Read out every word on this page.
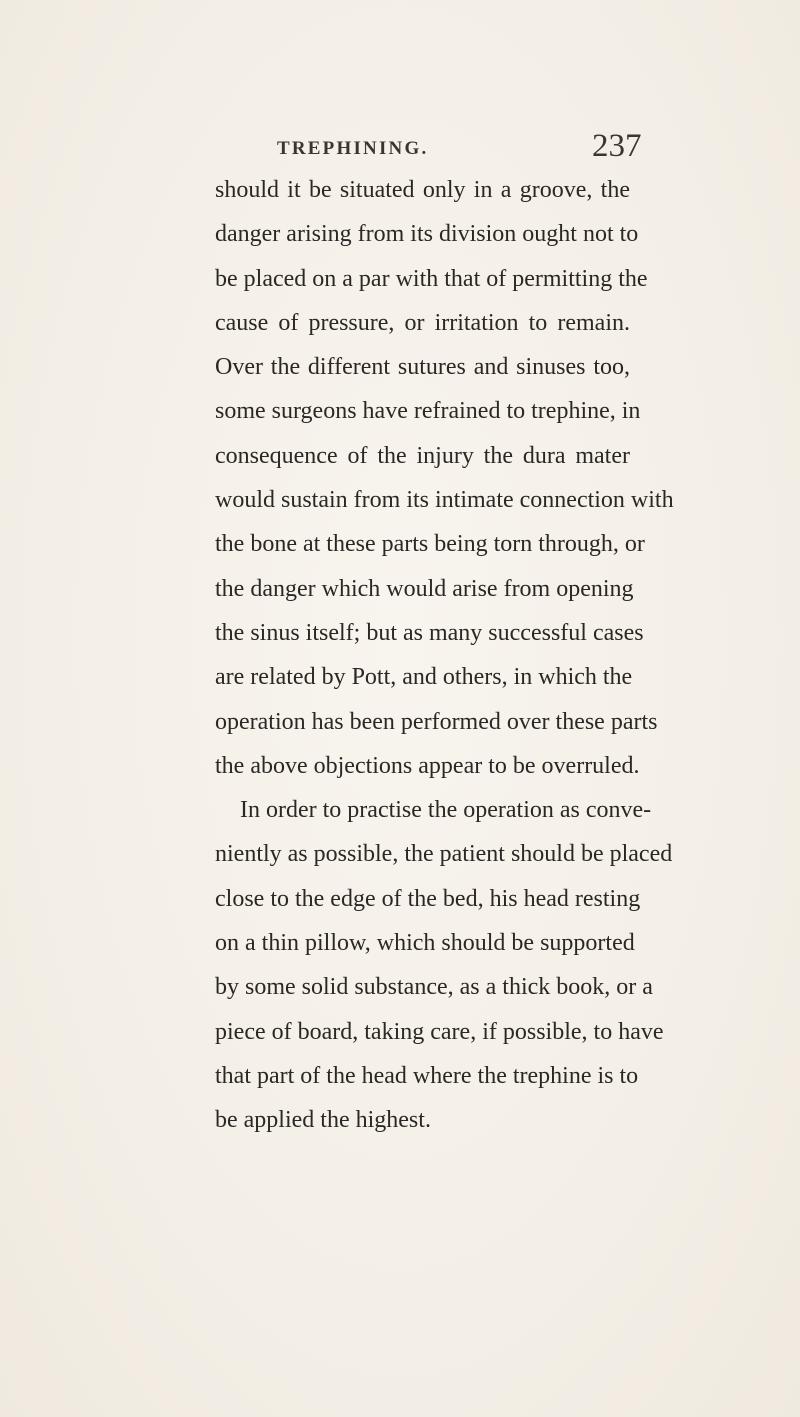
TREPHINING.	237
should it be situated only in a groove, the
danger arising from its division ought not to
be placed on a par with that of permitting the
cause of pressure, or irritation to remain.
Over the different sutures and sinuses too,
some surgeons have refrained to trephine, in
consequence of the injury the dura mater
would sustain from its intimate connection with
the bone at these parts being torn through, or
the danger which would arise from opening
the sinus itself; but as many successful cases
are related by Pott, and others, in which the
operation has been performed over these parts
the above objections appear to be overruled.
In order to practise the operation as conve-
niently as possible, the patient should be placed
close to the edge of the bed, his head resting
on a thin pillow, which should be supported
by some solid substance, as a thick book, or a
piece of board, taking care, if possible, to have
that part of the head where the trephine is to
be applied the highest.
